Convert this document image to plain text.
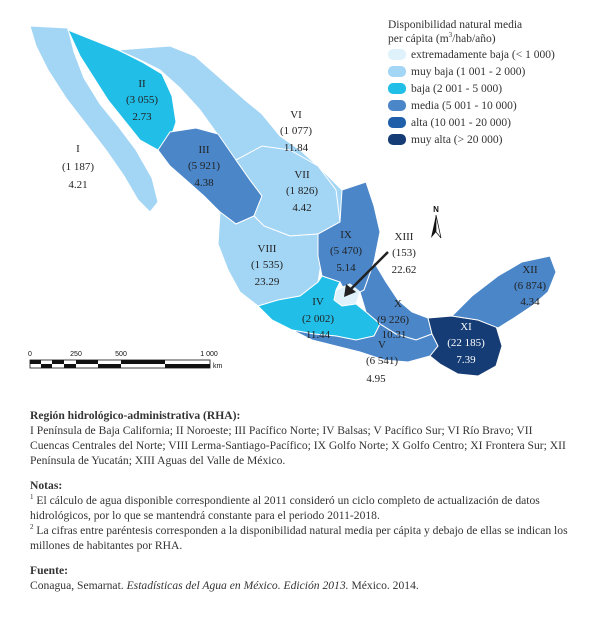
I
(1 187)
4.21
II
(3 055)
2.73
III
(5 921)
4.38
IV
(2 002)
11.44
V
(6 541)
4.95
VI
(1 077)
11.84
VII
(1 826)
4.42
VIII
(1 535)
23.29
IX
(5 470)
5.14
X
(9 226)
10.31
XI
(22 185)
7.39
XII
(6 874)
4.34
XIII
(153)
22.62
N
0	250	500	1 000
km
Disponibilidad natural media
per cápita $(m^3/hab/año)$
extremadamente baja (< 1 000)
muy baja (1 001 - 2 000)
baja (2 001 - 5 000)
media (5 001 - 10 000)
alta (10 001 - 20 000)
muy alta (> 20 000)

Región hidrológico-administrativa (RHA):

I Península de Baja California; II Noroeste; III Pacífico Norte; IV Balsas; V Pacífico Sur; VI Río Bravo; VII Cuencas Centrales del Norte; VIII Lerma-Santiago-Pacífico; IX Golfo Norte; X Golfo Centro; XI Frontera Sur; XII Península de Yucatán; XIII Aguas del Valle de México.

Notas:

$^1$ El cálculo de agua disponible correspondiente al 2011 consideró un ciclo completo de actualización de datos hidrológicos, por lo que se mantendrá constante para el periodo 2011-2018.

$^2$ La cifras entre paréntesis corresponden a la disponibilidad natural media per cápita y debajo de ellas se indican los millones de habitantes por RHA.

Fuente:

Conagua, Semarnat. Estadísticas del Agua en México. Edición 2013. México. 2014.
